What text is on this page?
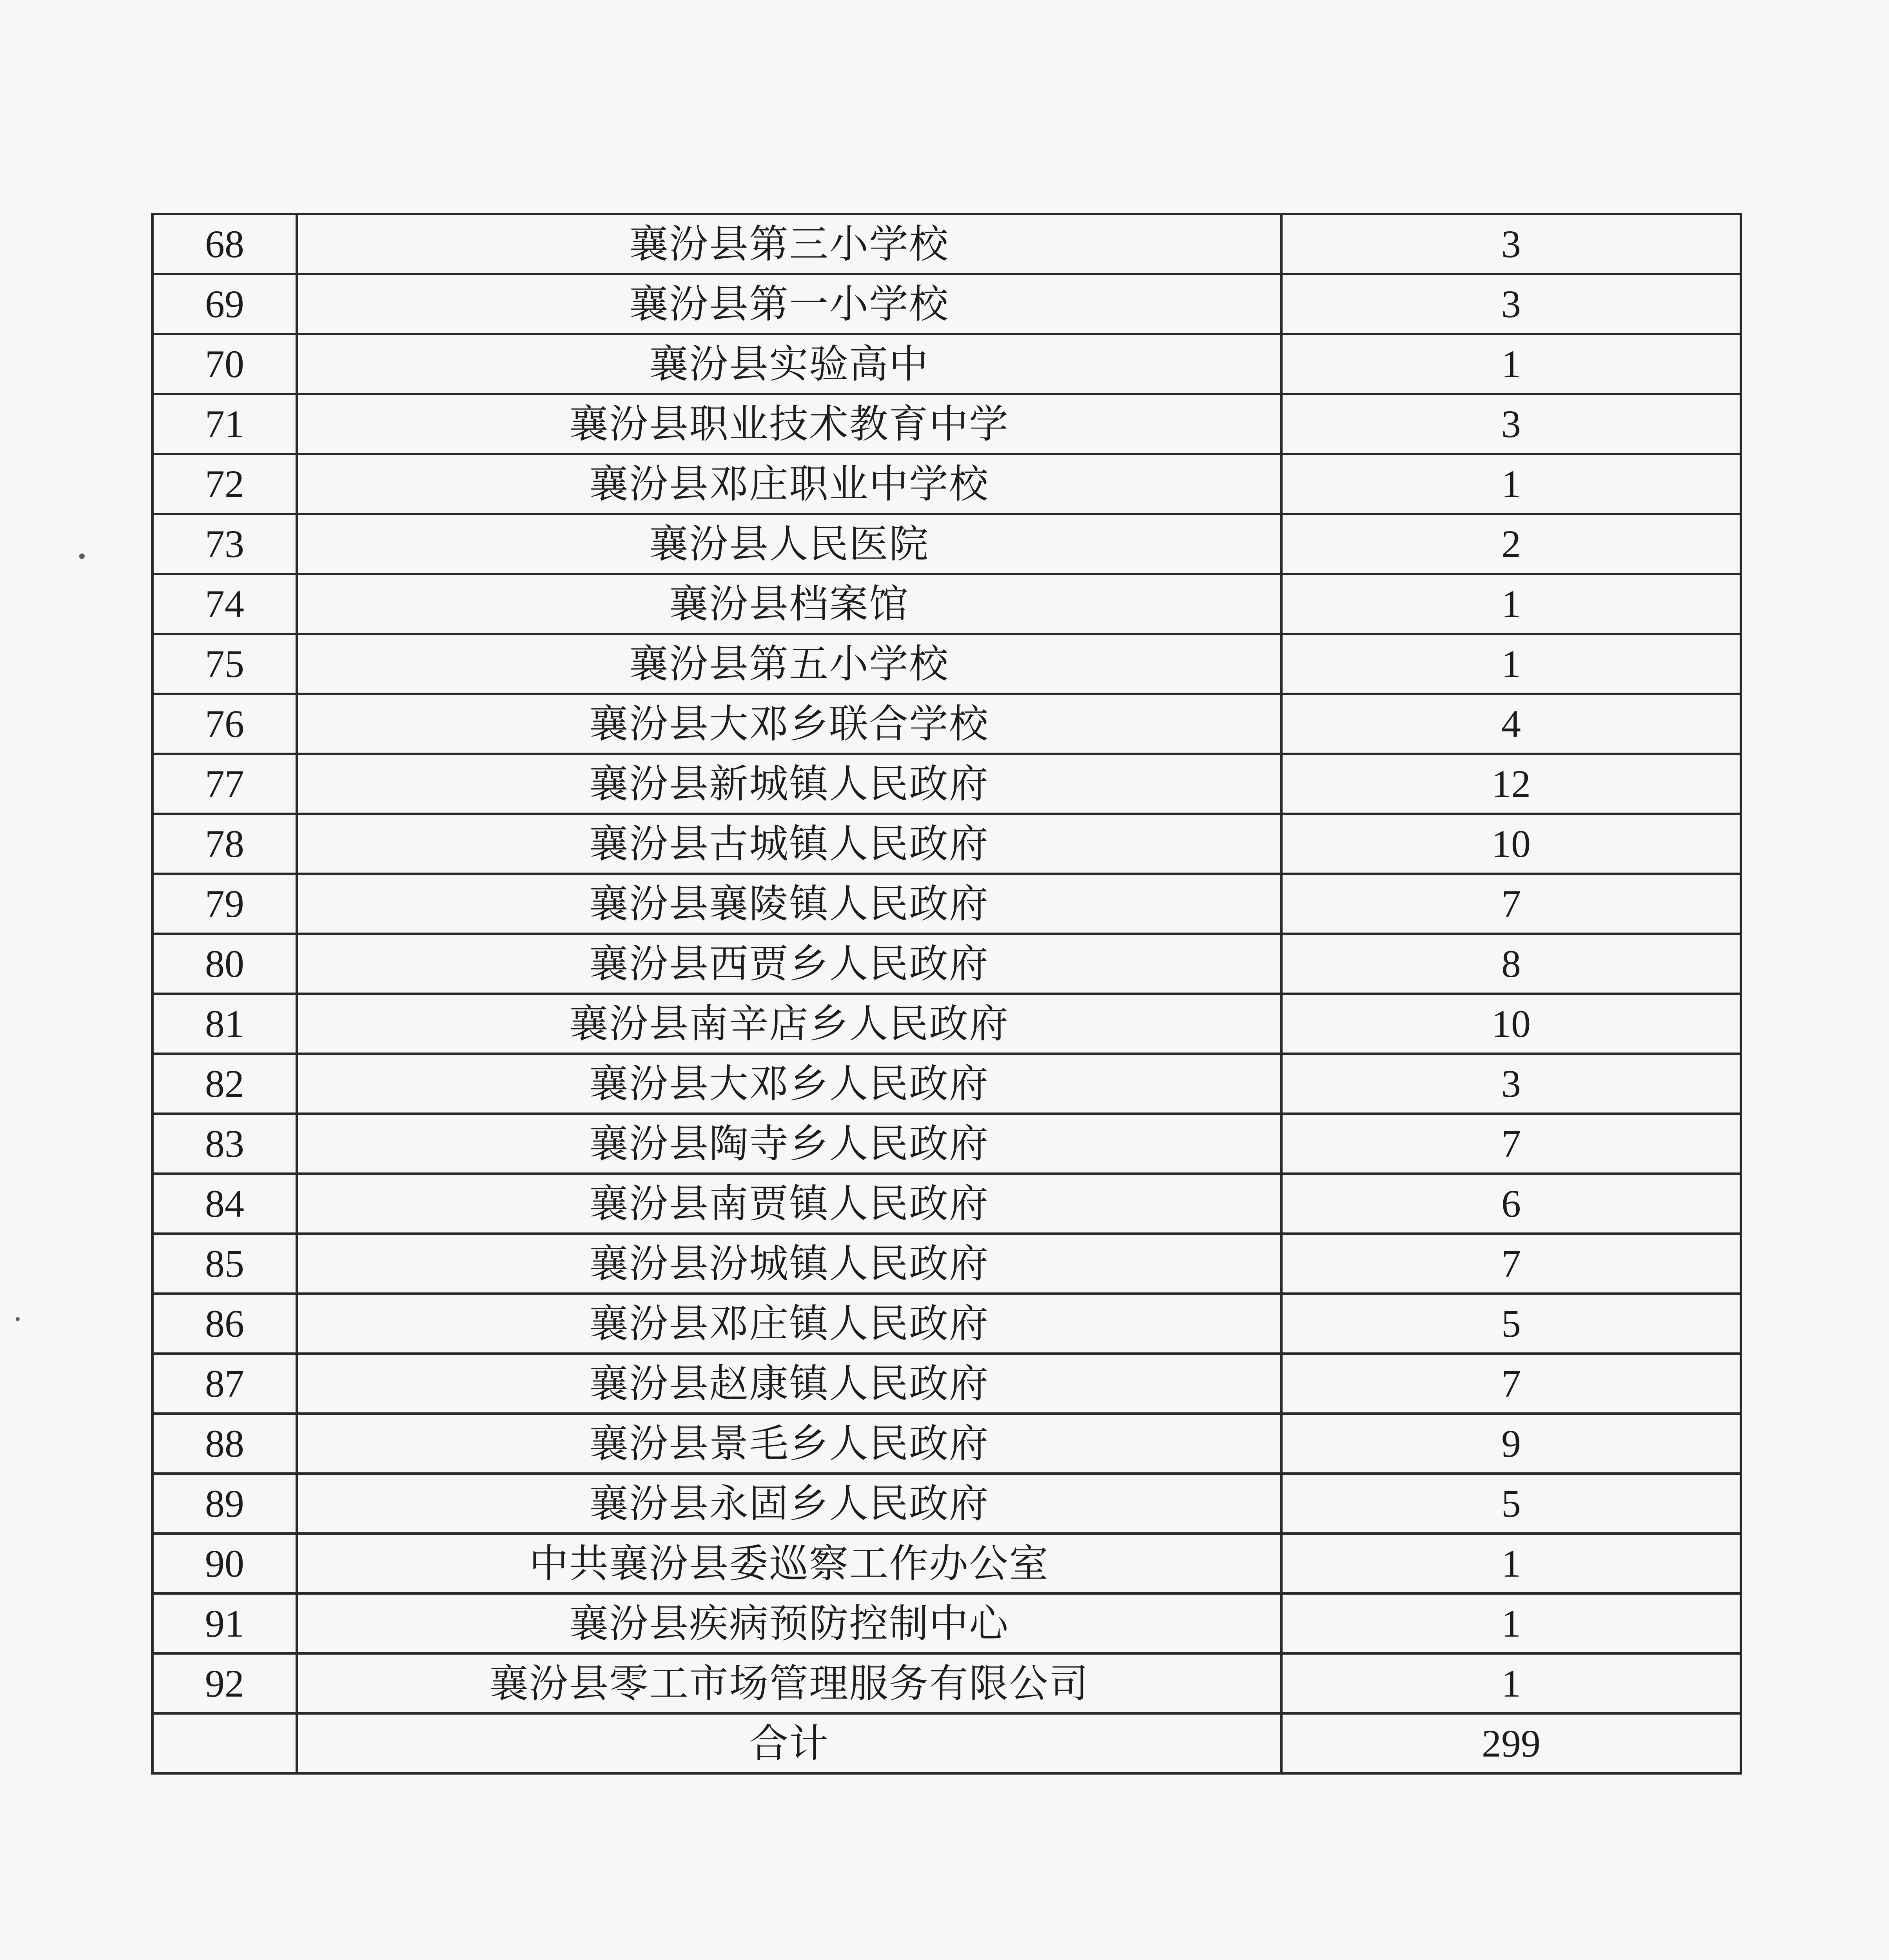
68	襄汾县第三小学校	3
69	襄汾县第一小学校	3
70	襄汾县实验高中	1
71	襄汾县职业技术教育中学	3
72	襄汾县邓庄职业中学校	1
73	襄汾县人民医院	2
74	襄汾县档案馆	1
75	襄汾县第五小学校	1
76	襄汾县大邓乡联合学校	4
77	襄汾县新城镇人民政府	12
78	襄汾县古城镇人民政府	10
79	襄汾县襄陵镇人民政府	7
80	襄汾县西贾乡人民政府	8
81	襄汾县南辛店乡人民政府	10
82	襄汾县大邓乡人民政府	3
83	襄汾县陶寺乡人民政府	7
84	襄汾县南贾镇人民政府	6
85	襄汾县汾城镇人民政府	7
86	襄汾县邓庄镇人民政府	5
87	襄汾县赵康镇人民政府	7
88	襄汾县景毛乡人民政府	9
89	襄汾县永固乡人民政府	5
90	中共襄汾县委巡察工作办公室	1
91	襄汾县疾病预防控制中心	1
92	襄汾县零工市场管理服务有限公司	1
	合计	299
